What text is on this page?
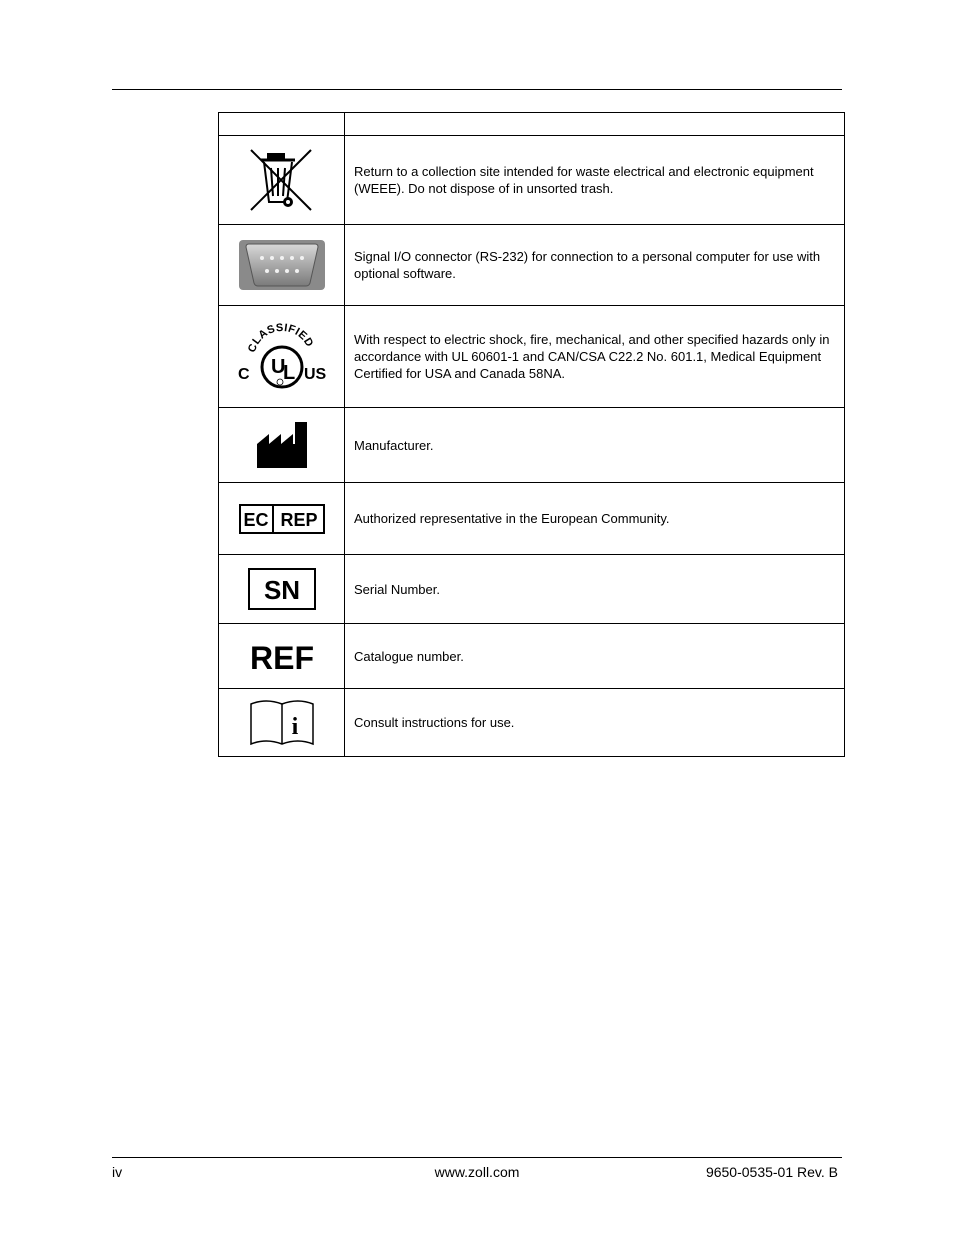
	Return to a collection site intended for waste electrical and electronic equipment (WEEE). Do not dispose of in unsorted trash.

	Signal I/O connector (RS-232) for connection to a personal computer for use with optional software.

CLASSIFIED
U
L
C US	With respect to electric shock, fire, mechanical, and other specified hazards only in accordance with UL 60601-1 and CAN/CSA C22.2 No. 601.1, Medical Equipment Certified for USA and Canada 58NA.

	Manufacturer.

EC REP	Authorized representative in the European Community.

SN	Serial Number.

REF	Catalogue number.

i	Consult instructions for use.
iv	www.zoll.com	9650-0535-01 Rev. B
